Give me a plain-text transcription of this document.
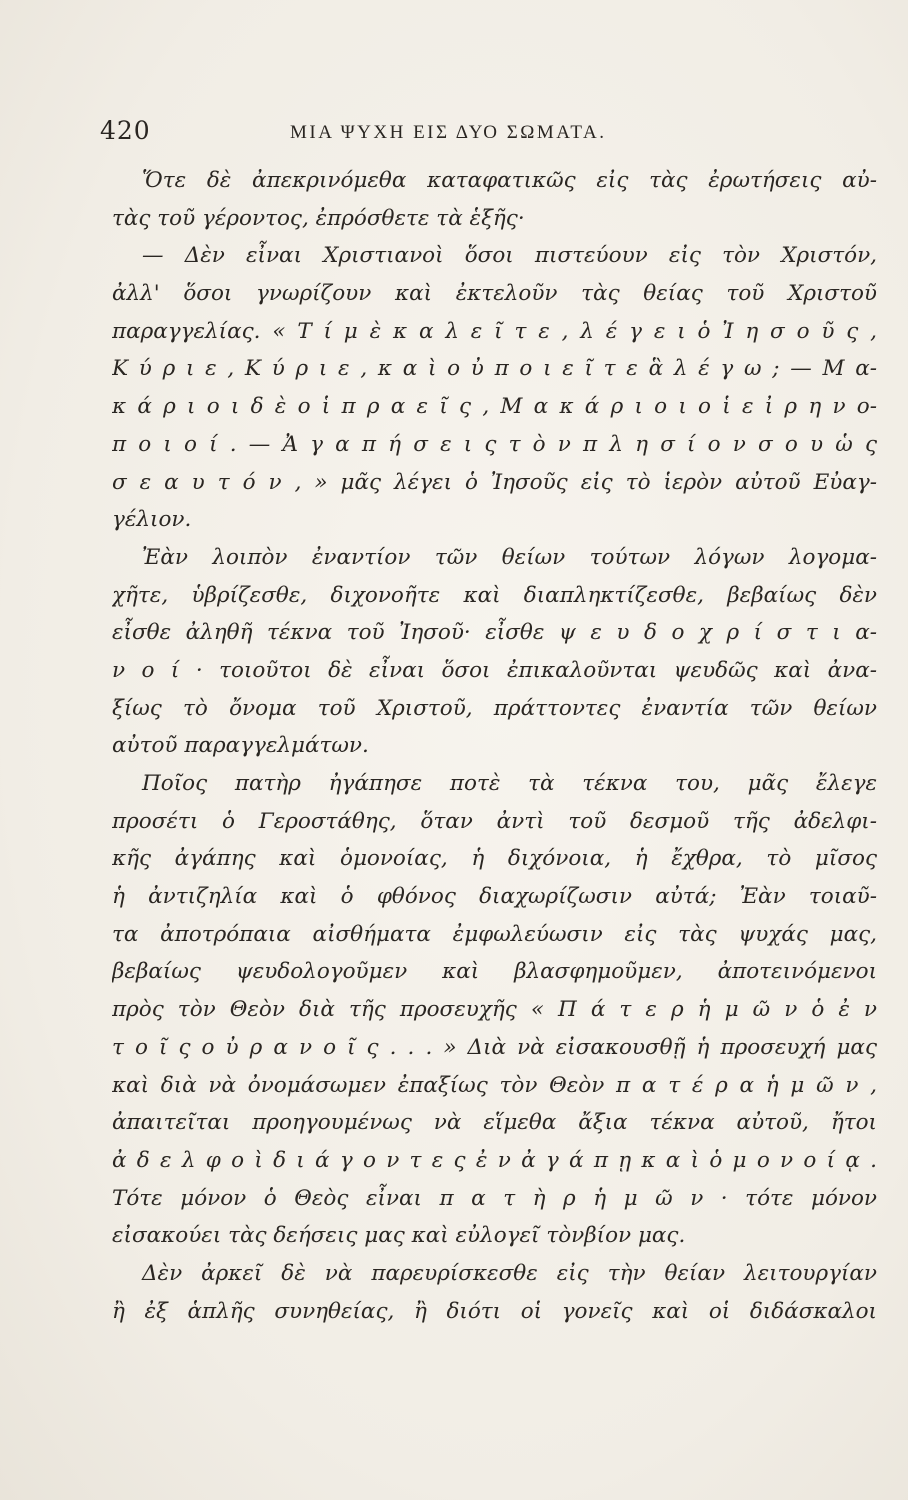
420	ΜΙΑ ΨΥΧΗ ΕΙΣ ΔΥΟ ΣΩΜΑΤΑ.
Ὅτε δὲ ἀπεκρινόμεθα καταφατικῶς εἰς τὰς ἐρωτήσεις αὐ-
τὰς τοῦ γέροντος, ἐπρόσθετε τὰ ἑξῆς·
— Δὲν εἶναι Χριστιανοὶ ὅσοι πιστεύουν εἰς τὸν Χριστόν,
ἀλλ' ὅσοι γνωρίζουν καὶ ἐκτελοῦν τὰς θείας τοῦ Χριστοῦ
παραγγελίας. « Τ ί μ ὲ κ α λ ε ῖ τ ε , λ έ γ ε ι ὁ Ἰ η σ ο ῦ ς ,
Κ ύ ρ ι ε , Κ ύ ρ ι ε , κ α ὶ ο ὐ π ο ι ε ῖ τ ε ἃ λ έ γ ω ; — Μ α-
κ ά ρ ι ο ι δ ὲ ο ἱ π ρ α ε ῖ ς , Μ α κ ά ρ ι ο ι ο ἱ ε ἰ ρ η ν ο-
π ο ι ο ί . — Ἀ γ α π ή σ ε ι ς τ ὸ ν π λ η σ ί ο ν σ ο υ ὡ ς
σ ε α υ τ ό ν , » μᾶς λέγει ὁ Ἰησοῦς εἰς τὸ ἱερὸν αὐτοῦ Εὐαγ-
γέλιον.
Ἐὰν λοιπὸν ἐναντίον τῶν θείων τούτων λόγων λογομα-
χῆτε, ὑβρίζεσθε, διχονοῆτε καὶ διαπληκτίζεσθε, βεβαίως δὲν
εἶσθε ἀληθῆ τέκνα τοῦ Ἰησοῦ· εἶσθε ψ ε υ δ ο χ ρ ί σ τ ι α-
ν ο ί · τοιοῦτοι δὲ εἶναι ὅσοι ἐπικαλοῦνται ψευδῶς καὶ ἀνα-
ξίως τὸ ὄνομα τοῦ Χριστοῦ, πράττοντες ἐναντία τῶν θείων
αὐτοῦ παραγγελμάτων.
Ποῖος πατὴρ ἠγάπησε ποτὲ τὰ τέκνα του, μᾶς ἔλεγε
προσέτι ὁ Γεροστάθης, ὅταν ἀντὶ τοῦ δεσμοῦ τῆς ἀδελφι-
κῆς ἀγάπης καὶ ὁμονοίας, ἡ διχόνοια, ἡ ἔχθρα, τὸ μῖσος
ἡ ἀντιζηλία καὶ ὁ φθόνος διαχωρίζωσιν αὐτά; Ἐὰν τοιαῦ-
τα ἀποτρόπαια αἰσθήματα ἐμφωλεύωσιν εἰς τὰς ψυχάς μας,
βεβαίως ψευδολογοῦμεν καὶ βλασφημοῦμεν, ἀποτεινόμενοι
πρὸς τὸν Θεὸν διὰ τῆς προσευχῆς « Π ά τ ε ρ ἡ μ ῶ ν ὁ ἐ ν
τ ο ῖ ς ο ὐ ρ α ν ο ῖ ς . . . » Διὰ νὰ εἰσακουσθῇ ἡ προσευχή μας
καὶ διὰ νὰ ὀνομάσωμεν ἐπαξίως τὸν Θεὸν π α τ έ ρ α ἡ μ ῶ ν ,
ἀπαιτεῖται προηγουμένως νὰ εἵμεθα ἄξια τέκνα αὐτοῦ, ἤτοι
ἀ δ ε λ φ ο ὶ δ ι ά γ ο ν τ ε ς ἐ ν ἀ γ ά π ῃ κ α ὶ ὁ μ ο ν ο ί ᾳ .
Τότε μόνον ὁ Θεὸς εἶναι π α τ ὴ ρ ἡ μ ῶ ν · τότε μόνον
εἰσακούει τὰς δεήσεις μας καὶ εὐλογεῖ τὸνβίον μας.
Δὲν ἀρκεῖ δὲ νὰ παρευρίσκεσθε εἰς τὴν θείαν λειτουργίαν
ἢ ἐξ ἁπλῆς συνηθείας, ἢ διότι οἱ γονεῖς καὶ οἱ διδάσκαλοι
